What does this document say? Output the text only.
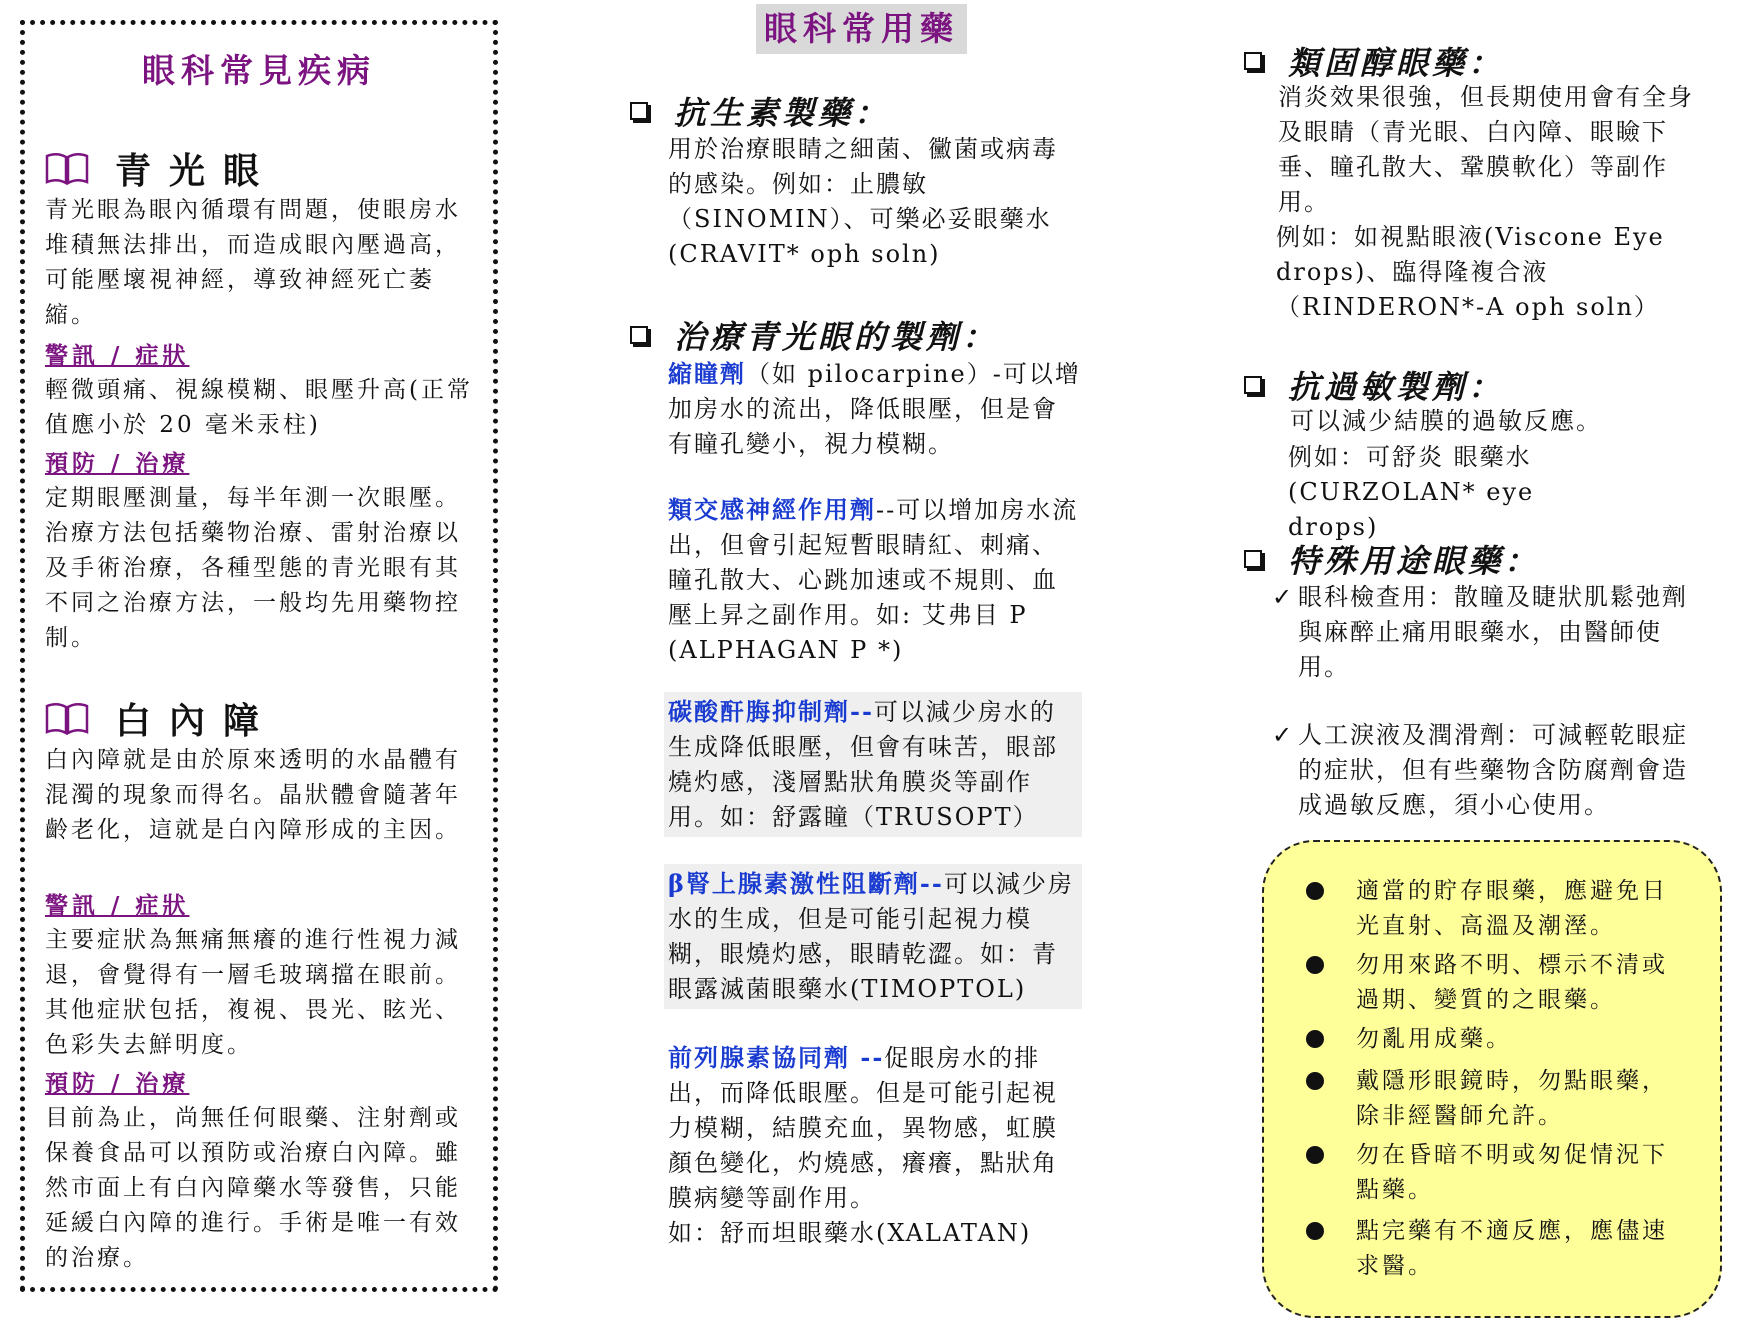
眼科常見疾病
青光眼

青光眼為眼內循環有問題，使眼房水堆積無法排出，而造成眼內壓過高，可能壓壞視神經，導致神經死亡萎縮。

警訊 / 症狀

輕微頭痛、視線模糊、眼壓升高(正常值應小於 20 毫米汞柱)

預防 / 治療

定期眼壓測量，每半年測一次眼壓。治療方法包括藥物治療、雷射治療以及手術治療，各種型態的青光眼有其不同之治療方法，一般均先用藥物控制。

白內障

白內障就是由於原來透明的水晶體有混濁的現象而得名。晶狀體會隨著年齡老化，這就是白內障形成的主因。

警訊 / 症狀

主要症狀為無痛無癢的進行性視力減退，會覺得有一層毛玻璃擋在眼前。其他症狀包括，複視、畏光、眩光、色彩失去鮮明度。

預防 / 治療

目前為止，尚無任何眼藥、注射劑或保養食品可以預防或治療白內障。雖然市面上有白內障藥水等發售，只能延緩白內障的進行。手術是唯一有效的治療。

眼科常用藥
抗生素製藥：

用於治療眼睛之細菌、黴菌或病毒的感染。例如：止膿敏（SINOMIN）、可樂必妥眼藥水(CRAVIT* oph soln)

治療青光眼的製劑：

縮瞳劑（如 pilocarpine）-可以增加房水的流出，降低眼壓，但是會有瞳孔變小，視力模糊。

類交感神經作用劑--可以增加房水流出，但會引起短暫眼睛紅、刺痛、瞳孔散大、心跳加速或不規則、血壓上昇之副作用。如: 艾弗目 P (ALPHAGAN P *)

碳酸酐脢抑制劑--可以減少房水的生成降低眼壓，但會有味苦，眼部燒灼感，淺層點狀角膜炎等副作用。如：舒露瞳（TRUSOPT）

β腎上腺素激性阻斷劑--可以減少房水的生成，但是可能引起視力模糊，眼燒灼感，眼睛乾澀。如：青眼露滅菌眼藥水(TIMOPTOL)

前列腺素協同劑 --促眼房水的排出，而降低眼壓。但是可能引起視力模糊，結膜充血，異物感，虹膜顏色變化，灼燒感，癢癢，點狀角膜病變等副作用。

如：舒而坦眼藥水(XALATAN)

類固醇眼藥：

消炎效果很強，但長期使用會有全身及眼睛（青光眼、白內障、眼瞼下垂、瞳孔散大、鞏膜軟化）等副作用。

例如：如視點眼液(Viscone Eye drops)、臨得隆複合液（RINDERON*-A oph soln）

抗過敏製劑：

可以減少結膜的過敏反應。

例如：可舒炎 眼藥水(CURZOLAN* eye drops)

特殊用途眼藥：
✓ 眼科檢查用：散瞳及睫狀肌鬆弛劑與麻醉止痛用眼藥水，由醫師使用。
✓ 人工淚液及潤滑劑：可減輕乾眼症的症狀，但有些藥物含防腐劑會造成過敏反應，須小心使用。
適當的貯存眼藥，應避免日光直射、高溫及潮溼。
勿用來路不明、標示不清或過期、變質的之眼藥。
勿亂用成藥。
戴隱形眼鏡時，勿點眼藥，除非經醫師允許。
勿在昏暗不明或匆促情況下點藥。
點完藥有不適反應，應儘速求醫。
